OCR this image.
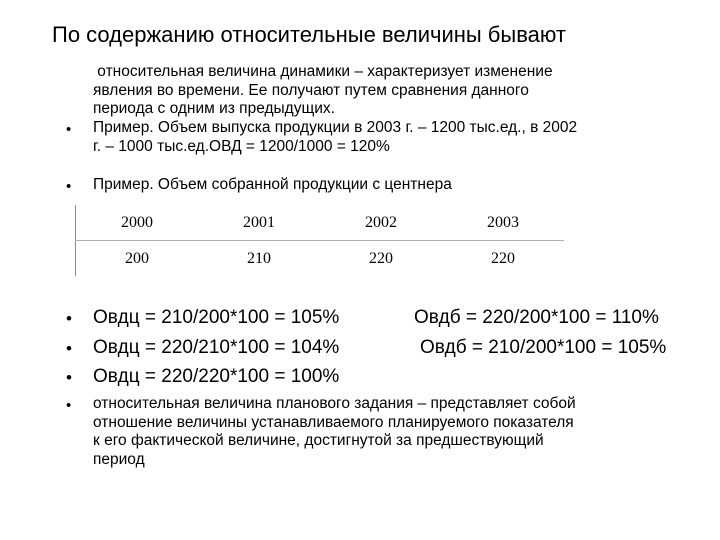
По содержанию относительные величины бывают
относительная величина динамики – характеризует изменение
явления во времени. Ее получают путем сравнения данного
периода с одним из предыдущих.
• Пример. Объем выпуска продукции в 2003 г. – 1200 тыс.ед., в 2002
г. – 1000 тыс.ед.ОВД = 1200/1000 = 120%
• Пример. Объем собранной продукции с центнера
2000	2001	2002	2003
200	210	220	220
• Овдц = 210/200*100 = 105%	Овдб = 220/200*100 = 110%
• Овдц = 220/210*100 = 104%	Овдб = 210/200*100 = 105%
• Овдц = 220/220*100 = 100%
• относительная величина планового задания – представляет собой
отношение величины устанавливаемого планируемого показателя
к его фактической величине, достигнутой за предшествующий
период
